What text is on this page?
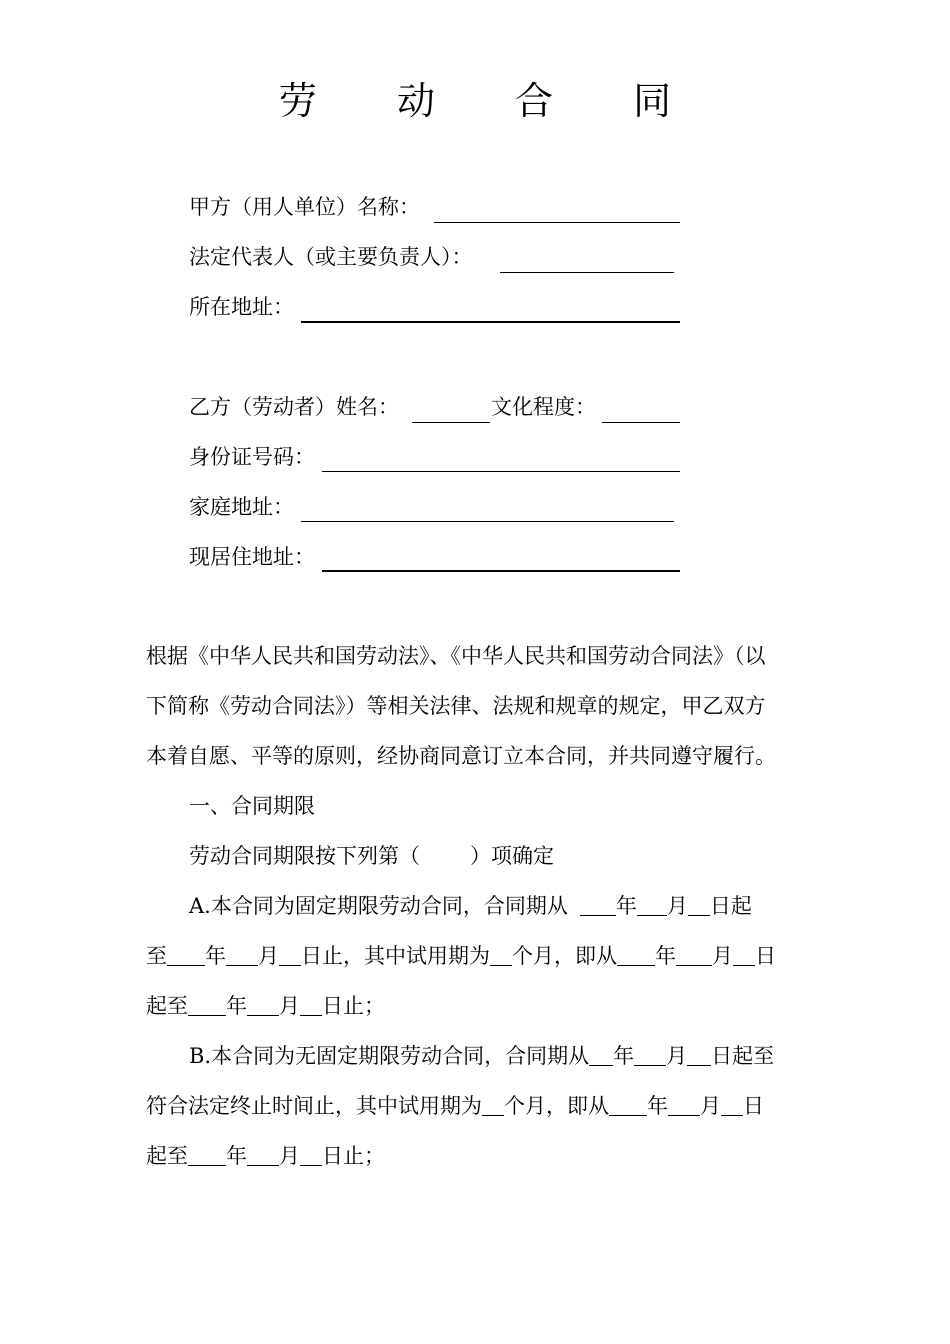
劳 动 合 同
甲方（用人单位）名称：
法定代表人（或主要负责人）：
所在地址：
乙方（劳动者）姓名：	文化程度：
身份证号码：
家庭地址：
现居住地址：
根据《中华人民共和国劳动法》、《中华人民共和国劳动合同法》（以
下简称《劳动合同法》）等相关法律、法规和规章的规定，甲乙双方
本着自愿、平等的原则，经协商同意订立本合同，并共同遵守履行。
一、合同期限
劳动合同期限按下列第（ ）项确定
A.本合同为固定期限劳动合同，合同期从 年 月 日起
至 年 月 日止，其中试用期为 个月，即从 年 月 日
起至 年 月 日止；
B.本合同为无固定期限劳动合同，合同期从 年 月 日起至
符合法定终止时间止，其中试用期为 个月，即从 年 月 日
起至 年 月 日止；
